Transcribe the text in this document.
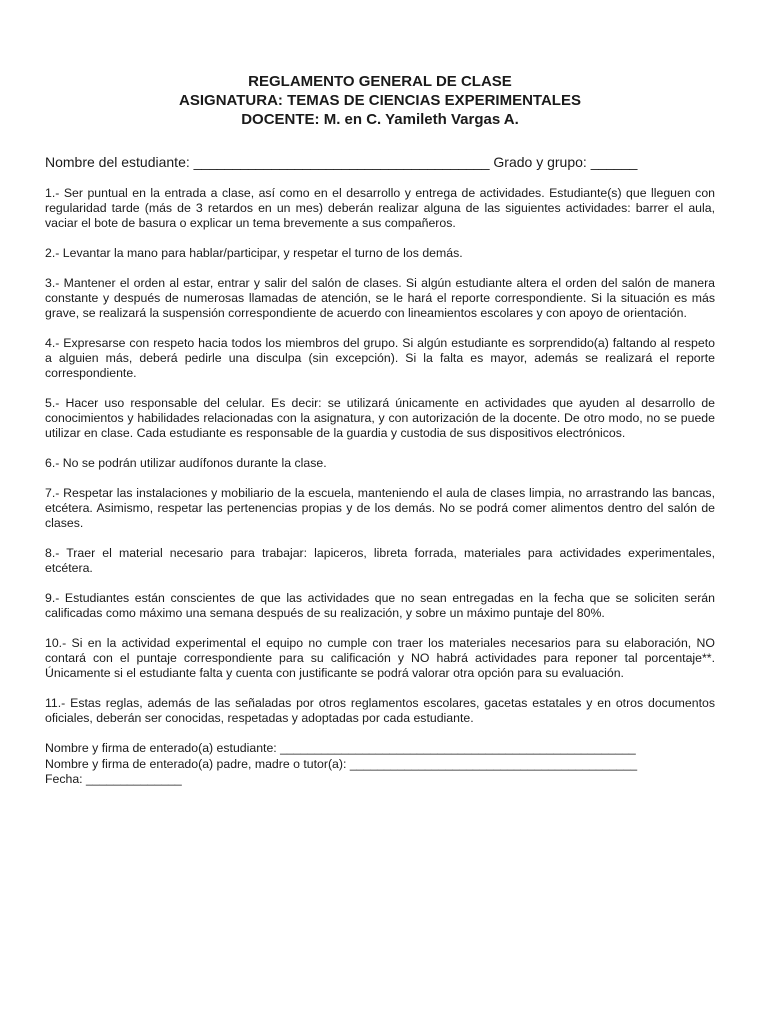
REGLAMENTO GENERAL DE CLASE
ASIGNATURA: TEMAS DE CIENCIAS EXPERIMENTALES
DOCENTE: M. en C. Yamileth Vargas A.
Nombre del estudiante: ______________________________________ Grado y grupo: ______

1.- Ser puntual en la entrada a clase, así como en el desarrollo y entrega de actividades. Estudiante(s) que lleguen con regularidad tarde (más de 3 retardos en un mes) deberán realizar alguna de las siguientes actividades: barrer el aula, vaciar el bote de basura o explicar un tema brevemente a sus compañeros.

2.- Levantar la mano para hablar/participar, y respetar el turno de los demás.

3.- Mantener el orden al estar, entrar y salir del salón de clases. Si algún estudiante altera el orden del salón de manera constante y después de numerosas llamadas de atención, se le hará el reporte correspondiente. Si la situación es más grave, se realizará la suspensión correspondiente de acuerdo con lineamientos escolares y con apoyo de orientación.

4.- Expresarse con respeto hacia todos los miembros del grupo. Si algún estudiante es sorprendido(a) faltando al respeto a alguien más, deberá pedirle una disculpa (sin excepción). Si la falta es mayor, además se realizará el reporte correspondiente.

5.- Hacer uso responsable del celular. Es decir: se utilizará únicamente en actividades que ayuden al desarrollo de conocimientos y habilidades relacionadas con la asignatura, y con autorización de la docente. De otro modo, no se puede utilizar en clase. Cada estudiante es responsable de la guardia y custodia de sus dispositivos electrónicos.

6.- No se podrán utilizar audífonos durante la clase.

7.- Respetar las instalaciones y mobiliario de la escuela, manteniendo el aula de clases limpia, no arrastrando las bancas, etcétera. Asimismo, respetar las pertenencias propias y de los demás. No se podrá comer alimentos dentro del salón de clases.

8.- Traer el material necesario para trabajar: lapiceros, libreta forrada, materiales para actividades experimentales, etcétera.

9.- Estudiantes están conscientes de que las actividades que no sean entregadas en la fecha que se soliciten serán calificadas como máximo una semana después de su realización, y sobre un máximo puntaje del 80%.

10.- Si en la actividad experimental el equipo no cumple con traer los materiales necesarios para su elaboración, NO contará con el puntaje correspondiente para su calificación y NO habrá actividades para reponer tal porcentaje**. Únicamente si el estudiante falta y cuenta con justificante se podrá valorar otra opción para su evaluación.

11.- Estas reglas, además de las señaladas por otros reglamentos escolares, gacetas estatales y en otros documentos oficiales, deberán ser conocidas, respetadas y adoptadas por cada estudiante.

Nombre y firma de enterado(a) estudiante: ____________________________________________________
Nombre y firma de enterado(a) padre, madre o tutor(a): __________________________________________
Fecha: ______________
